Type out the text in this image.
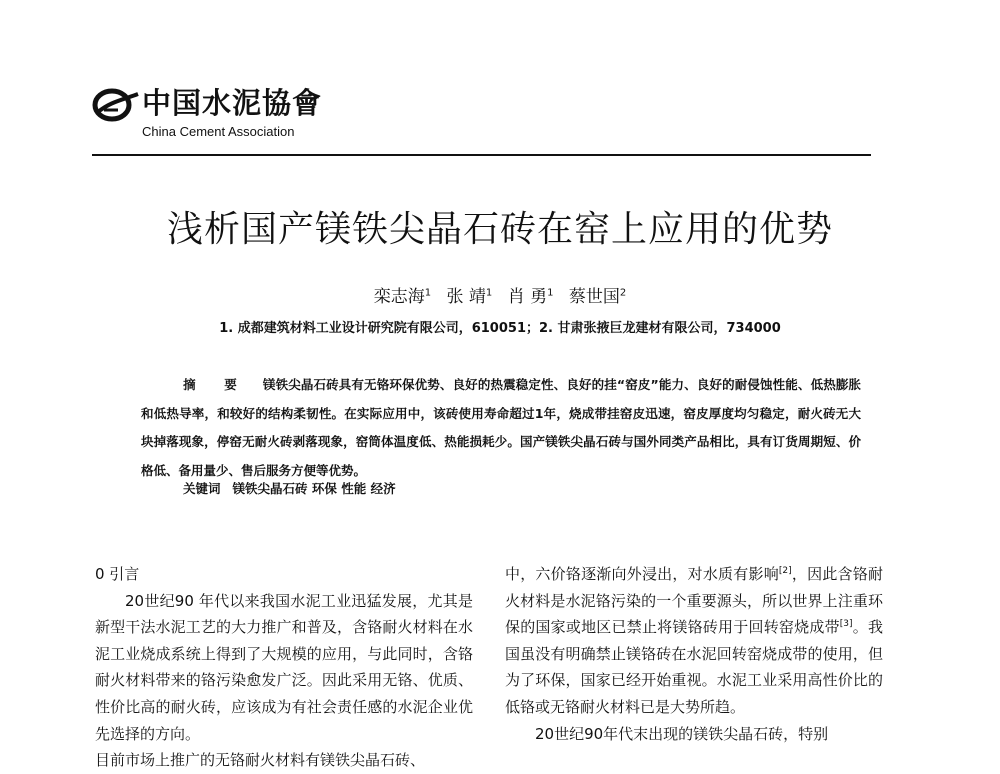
中国水泥協會
China Cement Association
浅析国产镁铁尖晶石砖在窑上应用的优势
栾志海$^1$ 张 靖$^1$ 肖 勇$^1$ 蔡世国$^2$
1. 成都建筑材料工业设计研究院有限公司，610051；2. 甘肃张掖巨龙建材有限公司，734000
摘 要 镁铁尖晶石砖具有无铬环保优势、良好的热震稳定性、良好的挂“窑皮”能力、良好的耐侵蚀性能、低热膨胀和低热导率，和较好的结构柔韧性。在实际应用中，该砖使用寿命超过1年，烧成带挂窑皮迅速，窑皮厚度均匀稳定，耐火砖无大块掉落现象，停窑无耐火砖剥落现象，窑筒体温度低、热能损耗少。国产镁铁尖晶石砖与国外同类产品相比，具有订货周期短、价格低、备用量少、售后服务方便等优势。
关键词 镁铁尖晶石砖 环保 性能 经济

0 引言

20世纪90 年代以来我国水泥工业迅猛发展，尤其是新型干法水泥工艺的大力推广和普及，含铬耐火材料在水泥工业烧成系统上得到了大规模的应用，与此同时，含铬耐火材料带来的铬污染愈发广泛。因此采用无铬、优质、性价比高的耐火砖，应该成为有社会责任感的水泥企业优先选择的方向。

目前市场上推广的无铬耐火材料有镁铁尖晶石砖、

中，六价铬逐渐向外浸出，对水质有影响[2]，因此含铬耐火材料是水泥铬污染的一个重要源头，所以世界上注重环保的国家或地区已禁止将镁铬砖用于回转窑烧成带[3]。我国虽没有明确禁止镁铬砖在水泥回转窑烧成带的使用，但为了环保，国家已经开始重视。水泥工业采用高性价比的低铬或无铬耐火材料已是大势所趋。

20世纪90年代末出现的镁铁尖晶石砖，特别
